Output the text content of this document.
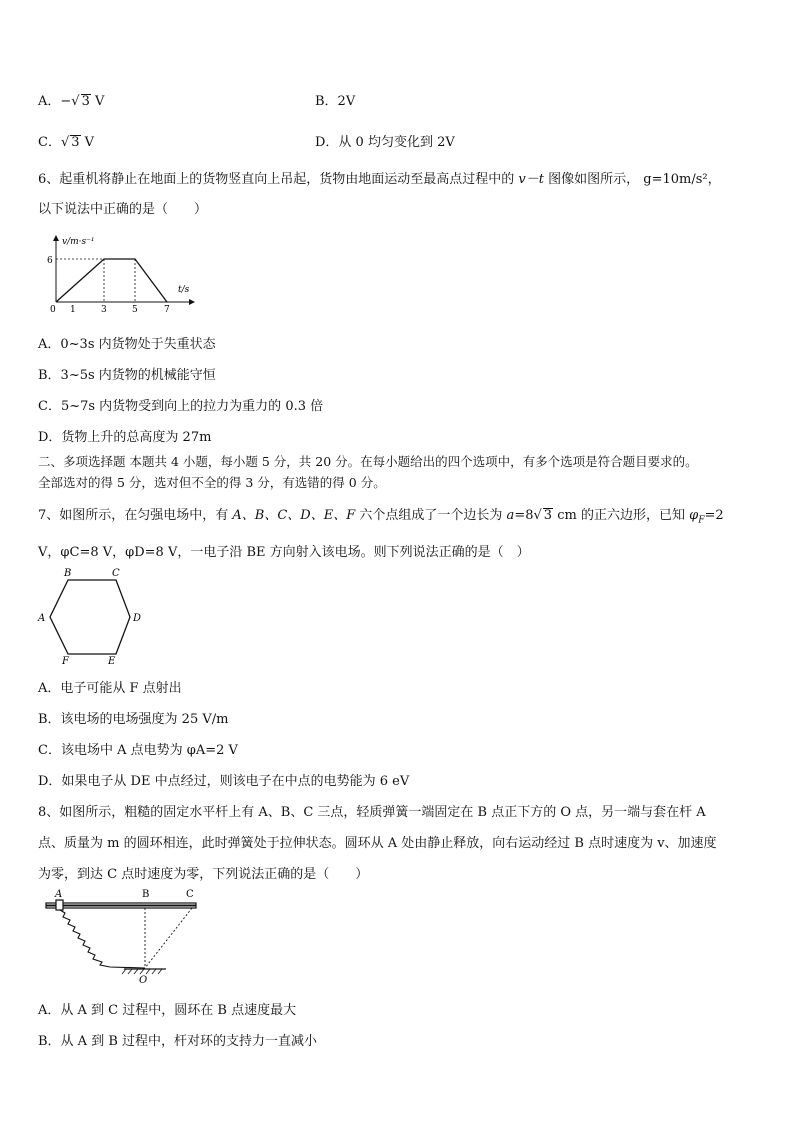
A．−√ 3 V	B．2V
C．√ 3 V	D．从 0 均匀变化到 2V
6、起重机将静止在地面上的货物竖直向上吊起，货物由地面运动至最高点过程中的 v－t 图像如图所示， g=10m/s²，
以下说法中正确的是（　　）
v/m·s⁻¹
t/s
6
0 1	3	5	7
A．0~3s 内货物处于失重状态
B．3~5s 内货物的机械能守恒
C．5~7s 内货物受到向上的拉力为重力的 0.3 倍
D．货物上升的总高度为 27m
二、多项选择题 本题共 4 小题，每小题 5 分，共 20 分。在每小题给出的四个选项中，有多个选项是符合题目要求的。
全部选对的得 5 分，选对但不全的得 3 分，有选错的得 0 分。
7、如图所示，在匀强电场中，有 A、B、C、D、E、F 六个点组成了一个边长为 a=8√ 3 cm 的正六边形，已知 $\varphi_F=2$
V，φC=8 V，φD=8 V，一电子沿 BE 方向射入该电场。则下列说法正确的是（　）
B	C
A	D
F	E
A．电子可能从 F 点射出
B．该电场的电场强度为 25 V/m
C．该电场中 A 点电势为 φA=2 V
D．如果电子从 DE 中点经过，则该电子在中点的电势能为 6 eV
8、如图所示，粗糙的固定水平杆上有 A、B、C 三点，轻质弹簧一端固定在 B 点正下方的 O 点，另一端与套在杆 A
点、质量为 m 的圆环相连，此时弹簧处于拉伸状态。圆环从 A 处由静止释放，向右运动经过 B 点时速度为 v、加速度
为零，到达 C 点时速度为零，下列说法正确的是（　　）
A	B	C
O
A．从 A 到 C 过程中，圆环在 B 点速度最大
B．从 A 到 B 过程中，杆对环的支持力一直减小
